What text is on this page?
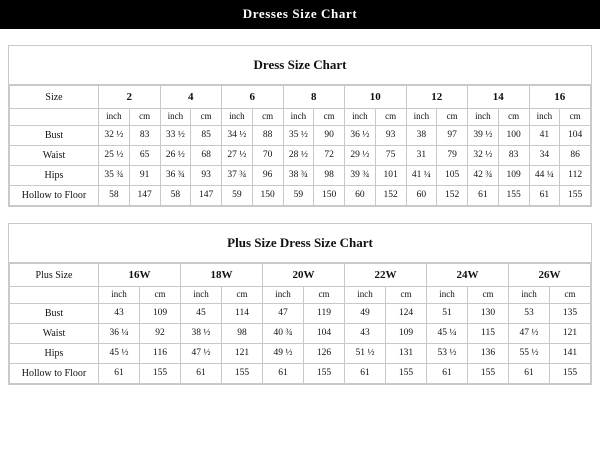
Dresses Size Chart
Dress Size Chart
Size	2		4		6		8		10		12		14		16	
	inch	cm	inch	cm	inch	cm	inch	cm	inch	cm	inch	cm	inch	cm	inch	cm
Bust	32 ½	83	33 ½	85	34 ½	88	35 ½	90	36 ½	93	38	97	39 ½	100	41	104
Waist	25 ½	65	26 ½	68	27 ½	70	28 ½	72	29 ½	75	31	79	32 ½	83	34	86
Hips	35 ¾	91	36 ¾	93	37 ¾	96	38 ¾	98	39 ¾	101	41 ¼	105	42 ¾	109	44 ¼	112
Hollow to Floor	58	147	58	147	59	150	59	150	60	152	60	152	61	155	61	155
Plus Size Dress Size Chart
Plus Size	16W		18W		20W		22W		24W		26W	
	inch	cm	inch	cm	inch	cm	inch	cm	inch	cm	inch	cm
Bust	43	109	45	114	47	119	49	124	51	130	53	135
Waist	36 ¼	92	38 ½	98	40 ¾	104	43	109	45 ¼	115	47 ½	121
Hips	45 ½	116	47 ½	121	49 ½	126	51 ½	131	53 ½	136	55 ½	141
Hollow to Floor	61	155	61	155	61	155	61	155	61	155	61	155
